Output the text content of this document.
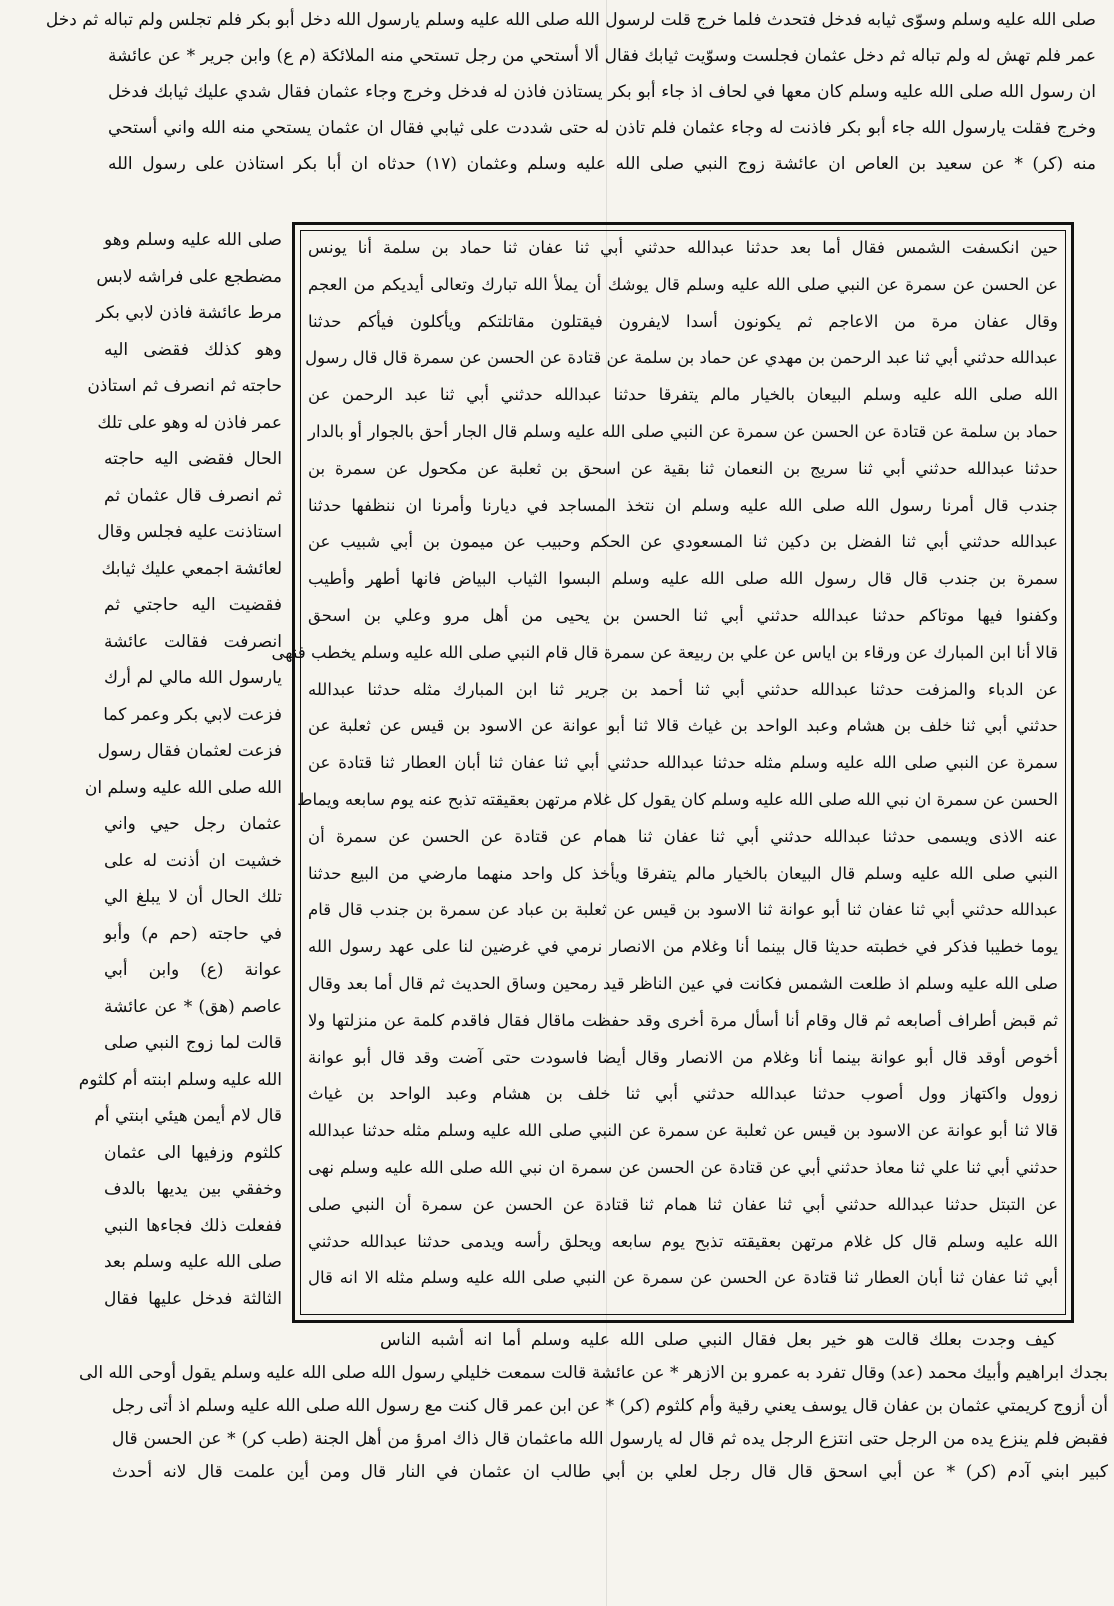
صلى الله عليه وسلم وسوّى ثيابه فدخل فتحدث فلما خرج قلت لرسول الله صلى الله عليه وسلم يارسول الله دخل أبو بكر فلم تجلس ولم تباله ثم دخل
عمر فلم تهش له ولم تباله ثم دخل عثمان فجلست وسوّيت ثيابك فقال ألا أستحي من رجل تستحي منه الملائكة (م ع) وابن جرير * عن عائشة
ان رسول الله صلى الله عليه وسلم كان معها في لحاف اذ جاء أبو بكر يستاذن فاذن له فدخل وخرج وجاء عثمان فقال شدي عليك ثيابك فدخل
وخرج فقلت يارسول الله جاء أبو بكر فاذنت له وجاء عثمان فلم تاذن له حتى شددت على ثيابي فقال ان عثمان يستحي منه الله واني أستحي
منه (كر) * عن سعيد بن العاص ان عائشة زوج النبي صلى الله عليه وسلم وعثمان (١٧) حدثاه ان أبا بكر استاذن على رسول الله
حين انكسفت الشمس فقال أما بعد حدثنا عبدالله حدثني أبي ثنا عفان ثنا حماد بن سلمة أنا يونس
عن الحسن عن سمرة عن النبي صلى الله عليه وسلم قال يوشك أن يملأ الله تبارك وتعالى أيديكم من العجم
وقال عفان مرة من الاعاجم ثم يكونون أسدا لايفرون فيقتلون مقاتلتكم ويأكلون فيأكم حدثنا
عبدالله حدثني أبي ثنا عبد الرحمن بن مهدي عن حماد بن سلمة عن قتادة عن الحسن عن سمرة قال قال رسول
الله صلى الله عليه وسلم البيعان بالخيار مالم يتفرقا حدثنا عبدالله حدثني أبي ثنا عبد الرحمن عن
حماد بن سلمة عن قتادة عن الحسن عن سمرة عن النبي صلى الله عليه وسلم قال الجار أحق بالجوار أو بالدار
حدثنا عبدالله حدثني أبي ثنا سريج بن النعمان ثنا بقية عن اسحق بن ثعلبة عن مكحول عن سمرة بن
جندب قال أمرنا رسول الله صلى الله عليه وسلم ان نتخذ المساجد في ديارنا وأمرنا ان ننظفها حدثنا
عبدالله حدثني أبي ثنا الفضل بن دكين ثنا المسعودي عن الحكم وحبيب عن ميمون بن أبي شبيب عن
سمرة بن جندب قال قال رسول الله صلى الله عليه وسلم البسوا الثياب البياض فانها أطهر وأطيب
وكفنوا فيها موتاكم حدثنا عبدالله حدثني أبي ثنا الحسن بن يحيى من أهل مرو وعلي بن اسحق
قالا أنا ابن المبارك عن ورقاء بن اياس عن علي بن ربيعة عن سمرة قال قام النبي صلى الله عليه وسلم يخطب فنهى
عن الدباء والمزفت حدثنا عبدالله حدثني أبي ثنا أحمد بن جرير ثنا ابن المبارك مثله حدثنا عبدالله
حدثني أبي ثنا خلف بن هشام وعبد الواحد بن غياث قالا ثنا أبو عوانة عن الاسود بن قيس عن ثعلبة عن
سمرة عن النبي صلى الله عليه وسلم مثله حدثنا عبدالله حدثني أبي ثنا عفان ثنا أبان العطار ثنا قتادة عن
الحسن عن سمرة ان نبي الله صلى الله عليه وسلم كان يقول كل غلام مرتهن بعقيقته تذبح عنه يوم سابعه ويماط
عنه الاذى ويسمى حدثنا عبدالله حدثني أبي ثنا عفان ثنا همام عن قتادة عن الحسن عن سمرة أن
النبي صلى الله عليه وسلم قال البيعان بالخيار مالم يتفرقا ويأخذ كل واحد منهما مارضي من البيع حدثنا
عبدالله حدثني أبي ثنا عفان ثنا أبو عوانة ثنا الاسود بن قيس عن ثعلبة بن عباد عن سمرة بن جندب قال قام
يوما خطيبا فذكر في خطبته حديثا قال بينما أنا وغلام من الانصار نرمي في غرضين لنا على عهد رسول الله
صلى الله عليه وسلم اذ طلعت الشمس فكانت في عين الناظر قيد رمحين وساق الحديث ثم قال أما بعد وقال
ثم قبض أطراف أصابعه ثم قال وقام أنا أسأل مرة أخرى وقد حفظت ماقال فقال فاقدم كلمة عن منزلتها ولا
أخوص أوقد قال أبو عوانة بينما أنا وغلام من الانصار وقال أيضا فاسودت حتى آضت وقد قال أبو عوانة
زوول واكتهاز وول أصوب حدثنا عبدالله حدثني أبي ثنا خلف بن هشام وعبد الواحد بن غياث
قالا ثنا أبو عوانة عن الاسود بن قيس عن ثعلبة عن سمرة عن النبي صلى الله عليه وسلم مثله حدثنا عبدالله
حدثني أبي ثنا علي ثنا معاذ حدثني أبي عن قتادة عن الحسن عن سمرة ان نبي الله صلى الله عليه وسلم نهى
عن التبتل حدثنا عبدالله حدثني أبي ثنا عفان ثنا همام ثنا قتادة عن الحسن عن سمرة أن النبي صلى
الله عليه وسلم قال كل غلام مرتهن بعقيقته تذبح يوم سابعه ويحلق رأسه ويدمى حدثنا عبدالله حدثني
أبي ثنا عفان ثنا أبان العطار ثنا قتادة عن الحسن عن سمرة عن النبي صلى الله عليه وسلم مثله الا انه قال
صلى الله عليه وسلم وهو
مضطجع على فراشه لابس
مرط عائشة فاذن لابي بكر
وهو كذلك فقضى اليه
حاجته ثم انصرف ثم استاذن
عمر فاذن له وهو على تلك
الحال فقضى اليه حاجته
ثم انصرف قال عثمان ثم
استاذنت عليه فجلس وقال
لعائشة اجمعي عليك ثيابك
فقضيت اليه حاجتي ثم
انصرفت فقالت عائشة
يارسول الله مالي لم أرك
فزعت لابي بكر وعمر كما
فزعت لعثمان فقال رسول
الله صلى الله عليه وسلم ان
عثمان رجل حيي واني
خشيت ان أذنت له على
تلك الحال أن لا يبلغ الي
في حاجته (حم م) وأبو
عوانة (ع) وابن أبي
عاصم (هق) * عن عائشة
قالت لما زوج النبي صلى
الله عليه وسلم ابنته أم كلثوم
قال لام أيمن هيئي ابنتي أم
كلثوم وزفيها الى عثمان
وخفقي بين يديها بالدف
ففعلت ذلك فجاءها النبي
صلى الله عليه وسلم بعد
الثالثة فدخل عليها فقال
كيف وجدت بعلك قالت هو خير بعل فقال النبي صلى الله عليه وسلم أما انه أشبه الناس
بجدك ابراهيم وأبيك محمد (عد) وقال تفرد به عمرو بن الازهر * عن عائشة قالت سمعت خليلي رسول الله صلى الله عليه وسلم يقول أوحى الله الى
أن أزوج كريمتي عثمان بن عفان قال يوسف يعني رقية وأم كلثوم (كر) * عن ابن عمر قال كنت مع رسول الله صلى الله عليه وسلم اذ أتى رجل
فقبض فلم ينزع يده من الرجل حتى انتزع الرجل يده ثم قال له يارسول الله ماعثمان قال ذاك امرؤ من أهل الجنة (طب كر) * عن الحسن قال
كبير ابني آدم (كر) * عن أبي اسحق قال قال رجل لعلي بن أبي طالب ان عثمان في النار قال ومن أين علمت قال لانه أحدث
